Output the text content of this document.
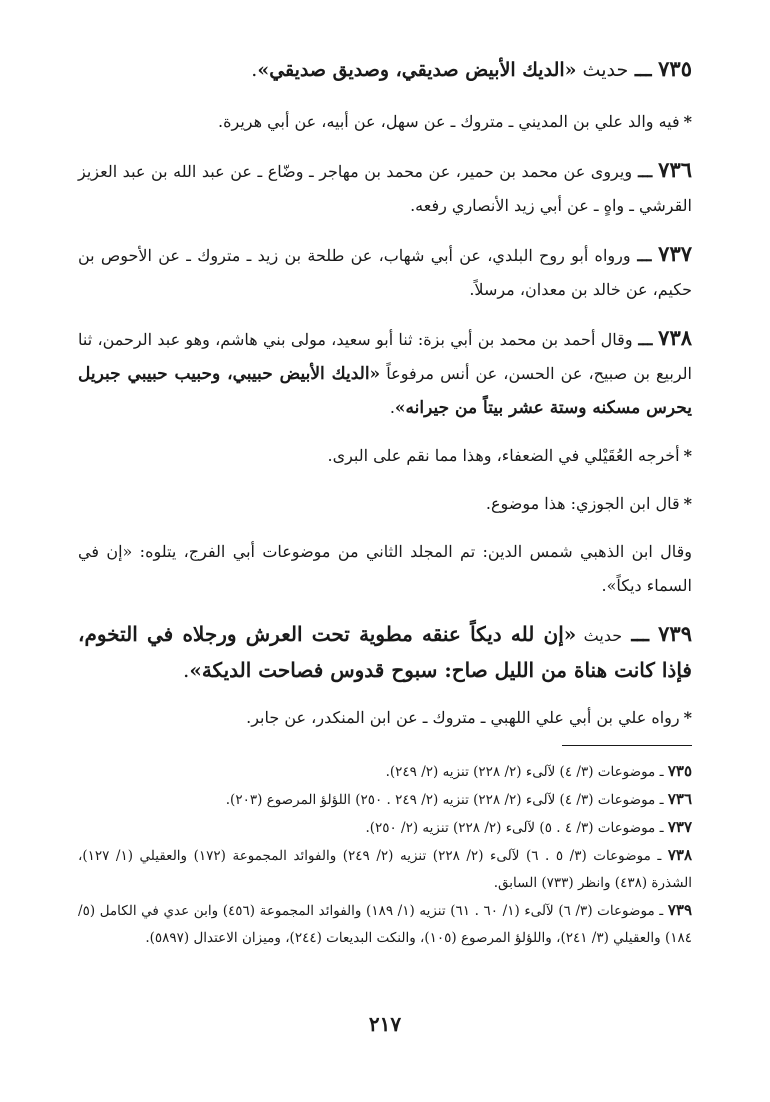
٧٣٥ ـــ حديث «الديك الأبيض صديقي، وصديق صديقي».

*فيه والد علي بن المديني ـ متروك ـ عن سهل، عن أبيه، عن أبي هريرة.

٧٣٦ ـــ ويروى عن محمد بن حمير، عن محمد بن مهاجر ـ وضّاع ـ عن عبد الله بن عبد العزيز القرشي ـ واهٍ ـ عن أبي زيد الأنصاري رفعه.

٧٣٧ ـــ ورواه أبو روح البلدي، عن أبي شهاب، عن طلحة بن زيد ـ متروك ـ عن الأحوص بن حكيم، عن خالد بن معدان، مرسلاً.

٧٣٨ ـــ وقال أحمد بن محمد بن أبي بزة: ثنا أبو سعيد، مولى بني هاشم، وهو عبد الرحمن، ثنا الربيع بن صبيح، عن الحسن، عن أنس مرفوعاً «الديك الأبيض حبيبي، وحبيب حبيبي جبريل يحرس مسكنه وستة عشر بيتاً من جيرانه».

*أخرجه العُقَيْلي في الضعفاء، وهذا مما نقم على البرى.

*قال ابن الجوزي: هذا موضوع.

وقال ابن الذهبي شمس الدين: تم المجلد الثاني من موضوعات أبي الفرج، يتلوه: «إن في السماء ديكاً».

٧٣٩ ـــ حديث «إن لله ديكاً عنقه مطوية تحت العرش ورجلاه في التخوم، فإذا كانت هناة من الليل صاح: سبوح قدوس فصاحت الديكة».

*رواه علي بن أبي علي اللهبي ـ متروك ـ عن ابن المنكدر، عن جابر.

٧٣٥ ـ موضوعات (٣/ ٤) لآلىء (٢/ ٢٢٨) تنزيه (٢/ ٢٤٩).

٧٣٦ ـ موضوعات (٣/ ٤) لآلىء (٢/ ٢٢٨) تنزيه (٢/ ٢٤٩ . ٢٥٠) اللؤلؤ المرصوع (٢٠٣).

٧٣٧ ـ موضوعات (٣/ ٤ . ٥) لآلىء (٢/ ٢٢٨) تنزيه (٢/ ٢٥٠).

٧٣٨ ـ موضوعات (٣/ ٥ . ٦) لآلىء (٢/ ٢٢٨) تنزيه (٢/ ٢٤٩) والفوائد المجموعة (١٧٢) والعقيلي (١/ ١٢٧)، الشذرة (٤٣٨) وانظر (٧٣٣) السابق.

٧٣٩ ـ موضوعات (٣/ ٦) لآلىء (١/ ٦٠ . ٦١) تنزيه (١/ ١٨٩) والفوائد المجموعة (٤٥٦) وابن عدي في الكامل (٥/ ١٨٤) والعقيلي (٣/ ٢٤١)، واللؤلؤ المرصوع (١٠٥)، والنكت البديعات (٢٤٤)، وميزان الاعتدال (٥٨٩٧).

٢١٧
